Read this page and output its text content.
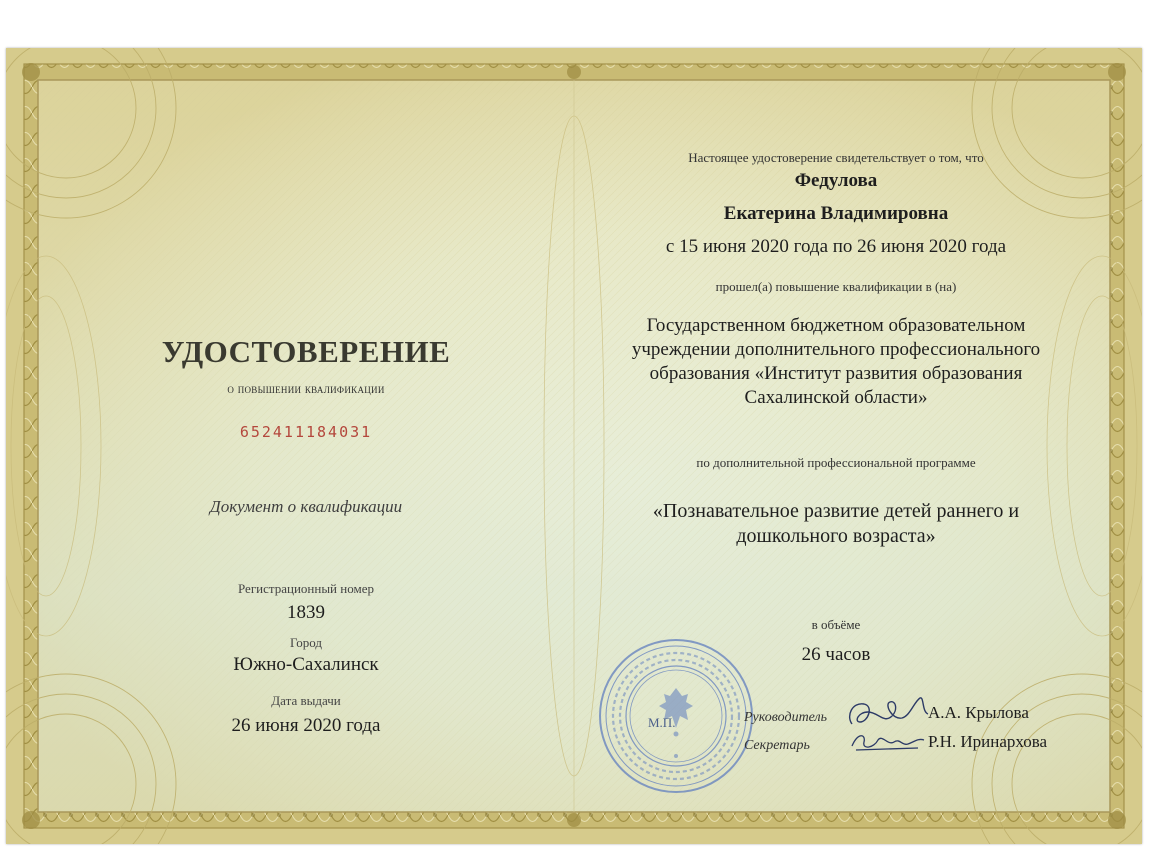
УДОСТОВЕРЕНИЕ
о повышении квалификации
652411184031
Документ о квалификации
Регистрационный номер
1839
Город
Южно-Сахалинск
Дата выдачи
26 июня 2020 года
Настоящее удостоверение свидетельствует о том, что
Федулова
Екатерина Владимировна
с 15 июня 2020 года по 26 июня 2020 года
прошел(а) повышение квалификации в (на)
Государственном бюджетном образовательном
учреждении дополнительного профессионального
образования «Институт развития образования
Сахалинской области»
по дополнительной профессиональной программе
«Познавательное развитие детей раннего и
дошкольного возраста»
в объёме
26 часов
М.П.	Руководитель
Секретарь
А.А. Крылова
Р.Н. Иринархова
